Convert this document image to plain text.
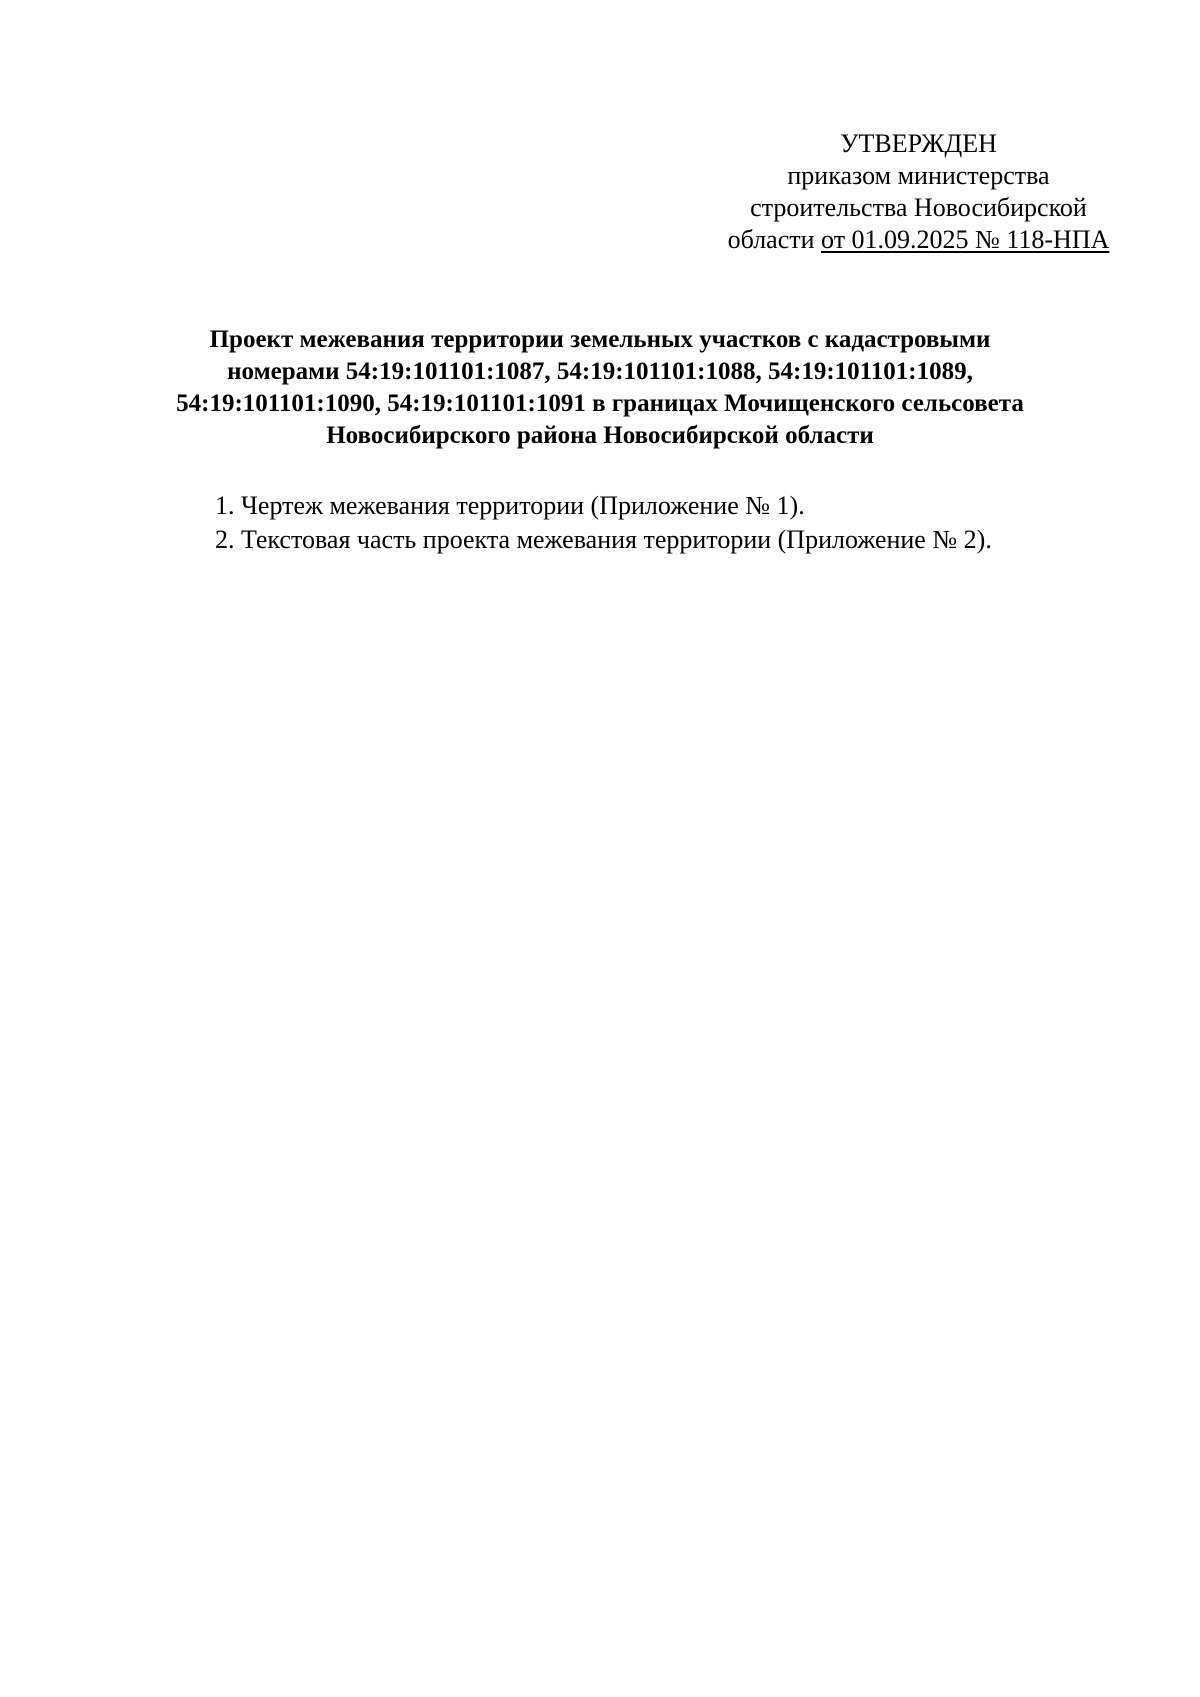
УТВЕРЖДЕН
приказом министерства
строительства Новосибирской
области от 01.09.2025 № 118-НПА
Проект межевания территории земельных участков с кадастровыми
номерами 54:19:101101:1087, 54:19:101101:1088, 54:19:101101:1089,
54:19:101101:1090, 54:19:101101:1091 в границах Мочищенского сельсовета
Новосибирского района Новосибирской области
1. Чертеж межевания территории (Приложение № 1).
2. Текстовая часть проекта межевания территории (Приложение № 2).
